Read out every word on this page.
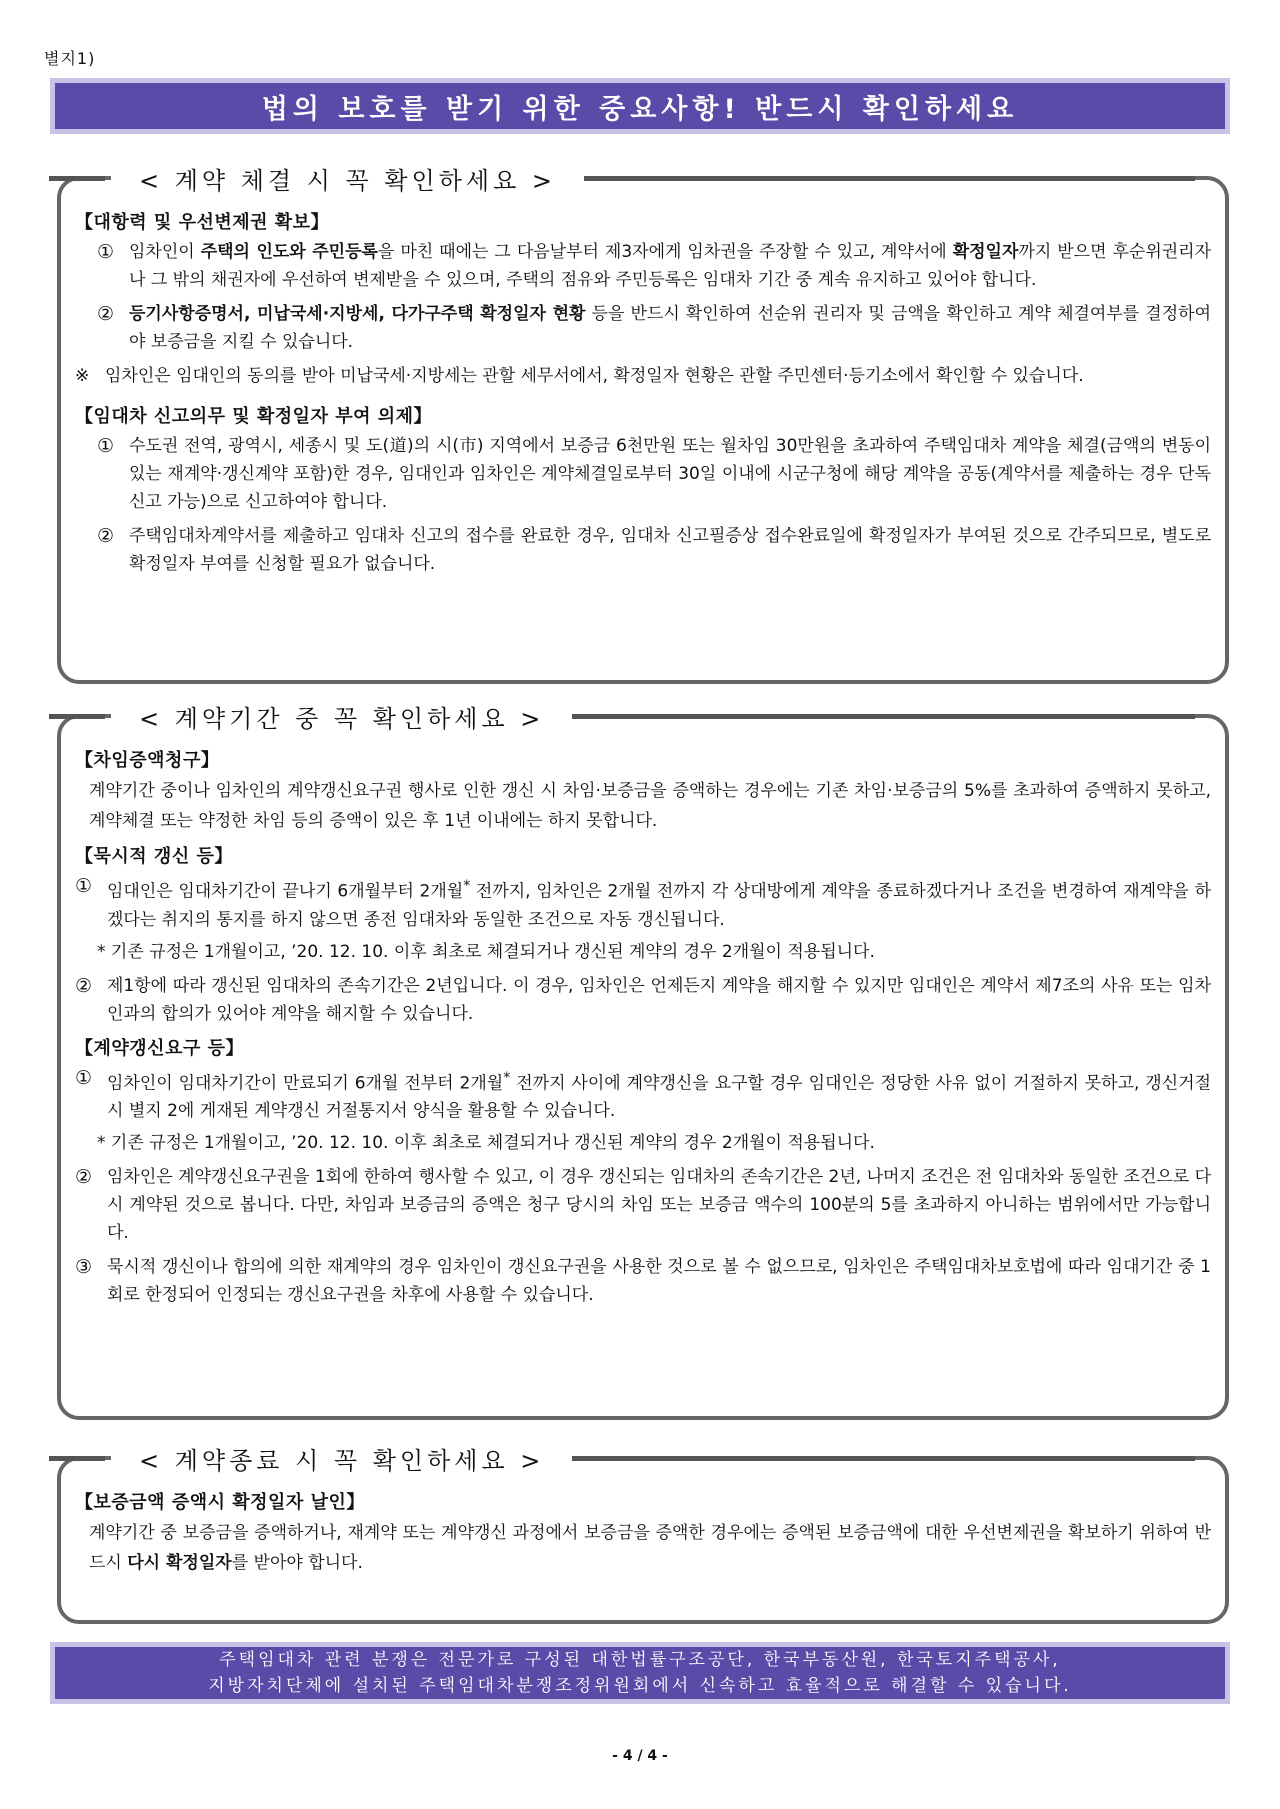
별지1)
법의 보호를 받기 위한 중요사항! 반드시 확인하세요
< 계약 체결 시 꼭 확인하세요 >
【대항력 및 우선변제권 확보】
① 임차인이 주택의 인도와 주민등록을 마친 때에는 그 다음날부터 제3자에게 임차권을 주장할 수 있고, 계약서에 확정일자까지 받으면 후순위권리자나 그 밖의 채권자에 우선하여 변제받을 수 있으며, 주택의 점유와 주민등록은 임대차 기간 중 계속 유지하고 있어야 합니다.
② 등기사항증명서, 미납국세·지방세, 다가구주택 확정일자 현황 등을 반드시 확인하여 선순위 권리자 및 금액을 확인하고 계약 체결여부를 결정하여야 보증금을 지킬 수 있습니다.
※ 임차인은 임대인의 동의를 받아 미납국세·지방세는 관할 세무서에서, 확정일자 현황은 관할 주민센터·등기소에서 확인할 수 있습니다.
【임대차 신고의무 및 확정일자 부여 의제】
① 수도권 전역, 광역시, 세종시 및 도(道)의 시(市) 지역에서 보증금 6천만원 또는 월차임 30만원을 초과하여 주택임대차 계약을 체결(금액의 변동이 있는 재계약·갱신계약 포함)한 경우, 임대인과 임차인은 계약체결일로부터 30일 이내에 시군구청에 해당 계약을 공동(계약서를 제출하는 경우 단독신고 가능)으로 신고하여야 합니다.
② 주택임대차계약서를 제출하고 임대차 신고의 접수를 완료한 경우, 임대차 신고필증상 접수완료일에 확정일자가 부여된 것으로 간주되므로, 별도로 확정일자 부여를 신청할 필요가 없습니다.
< 계약기간 중 꼭 확인하세요 >
【차임증액청구】
계약기간 중이나 임차인의 계약갱신요구권 행사로 인한 갱신 시 차임·보증금을 증액하는 경우에는 기존 차임·보증금의 5%를 초과하여 증액하지 못하고, 계약체결 또는 약정한 차임 등의 증액이 있은 후 1년 이내에는 하지 못합니다.
【묵시적 갱신 등】
① 임대인은 임대차기간이 끝나기 6개월부터 2개월* 전까지, 임차인은 2개월 전까지 각 상대방에게 계약을 종료하겠다거나 조건을 변경하여 재계약을 하겠다는 취지의 통지를 하지 않으면 종전 임대차와 동일한 조건으로 자동 갱신됩니다.
* 기존 규정은 1개월이고, ’20. 12. 10. 이후 최초로 체결되거나 갱신된 계약의 경우 2개월이 적용됩니다.
② 제1항에 따라 갱신된 임대차의 존속기간은 2년입니다. 이 경우, 임차인은 언제든지 계약을 해지할 수 있지만 임대인은 계약서 제7조의 사유 또는 임차인과의 합의가 있어야 계약을 해지할 수 있습니다.
【계약갱신요구 등】
① 임차인이 임대차기간이 만료되기 6개월 전부터 2개월* 전까지 사이에 계약갱신을 요구할 경우 임대인은 정당한 사유 없이 거절하지 못하고, 갱신거절 시 별지 2에 게재된 계약갱신 거절통지서 양식을 활용할 수 있습니다.
* 기존 규정은 1개월이고, ’20. 12. 10. 이후 최초로 체결되거나 갱신된 계약의 경우 2개월이 적용됩니다.
② 임차인은 계약갱신요구권을 1회에 한하여 행사할 수 있고, 이 경우 갱신되는 임대차의 존속기간은 2년, 나머지 조건은 전 임대차와 동일한 조건으로 다시 계약된 것으로 봅니다. 다만, 차임과 보증금의 증액은 청구 당시의 차임 또는 보증금 액수의 100분의 5를 초과하지 아니하는 범위에서만 가능합니다.
③ 묵시적 갱신이나 합의에 의한 재계약의 경우 임차인이 갱신요구권을 사용한 것으로 볼 수 없으므로, 임차인은 주택임대차보호법에 따라 임대기간 중 1회로 한정되어 인정되는 갱신요구권을 차후에 사용할 수 있습니다.
< 계약종료 시 꼭 확인하세요 >
【보증금액 증액시 확정일자 날인】
계약기간 중 보증금을 증액하거나, 재계약 또는 계약갱신 과정에서 보증금을 증액한 경우에는 증액된 보증금액에 대한 우선변제권을 확보하기 위하여 반드시 다시 확정일자를 받아야 합니다.
주택임대차 관련 분쟁은 전문가로 구성된 대한법률구조공단, 한국부동산원, 한국토지주택공사,
지방자치단체에 설치된 주택임대차분쟁조정위원회에서 신속하고 효율적으로 해결할 수 있습니다.
- 4 / 4 -
